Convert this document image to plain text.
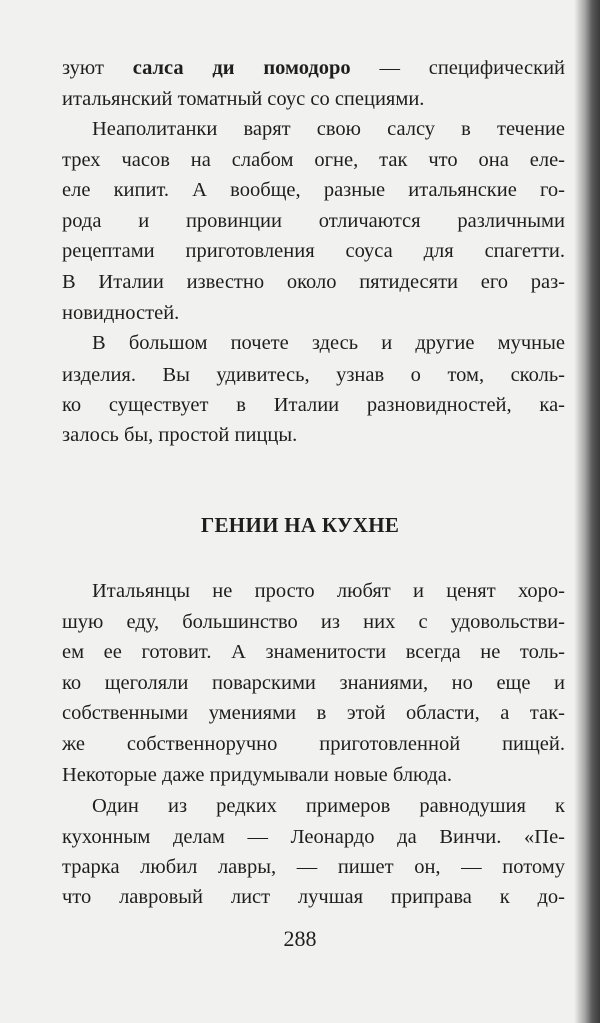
зуют салса ди помодоро — специфический
итальянский томатный соус со специями.
Неаполитанки варят свою салсу в течение
трех часов на слабом огне, так что она еле-
еле кипит. А вообще, разные итальянские го-
рода и провинции отличаются различными
рецептами приготовления соуса для спагетти.
В Италии известно около пятидесяти его раз-
новидностей.
В большом почете здесь и другие мучные
изделия. Вы удивитесь, узнав о том, сколь-
ко существует в Италии разновидностей, ка-
залось бы, простой пиццы.
ГЕНИИ НА КУХНЕ
Итальянцы не просто любят и ценят хоро-
шую еду, большинство из них с удовольстви-
ем ее готовит. А знаменитости всегда не толь-
ко щеголяли поварскими знаниями, но еще и
собственными умениями в этой области, а так-
же собственноручно приготовленной пищей.
Некоторые даже придумывали новые блюда.
Один из редких примеров равнодушия к
кухонным делам — Леонардо да Винчи. «Пе-
трарка любил лавры, — пишет он, — потому
что лавровый лист лучшая приправа к до-
288
